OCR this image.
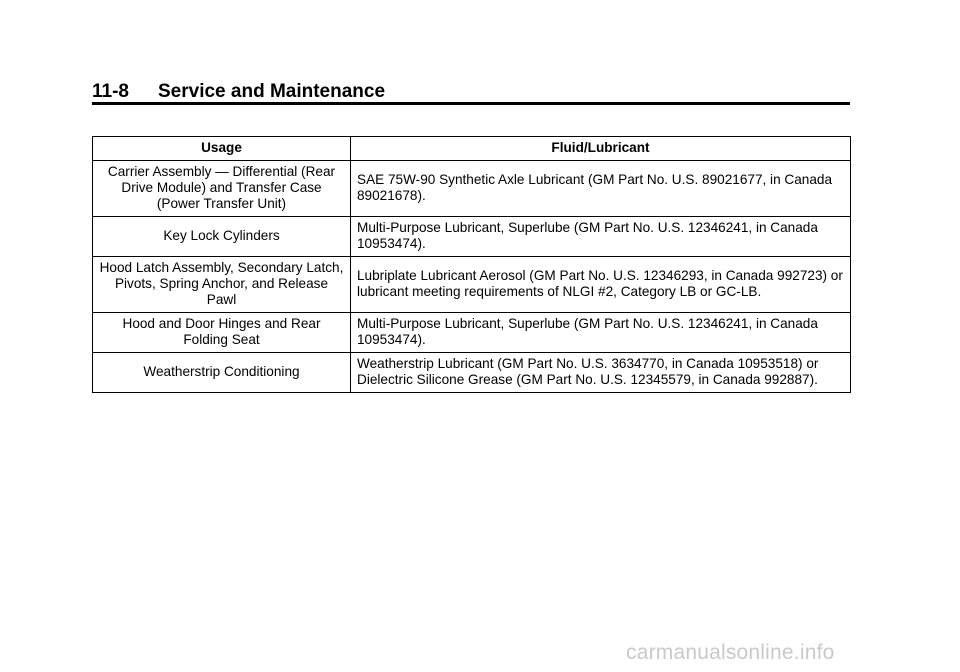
11-8 Service and Maintenance
Usage	Fluid/Lubricant
Carrier Assembly — Differential (Rear Drive Module) and Transfer Case (Power Transfer Unit)	SAE 75W-90 Synthetic Axle Lubricant (GM Part No. U.S. 89021677, in Canada 89021678).
Key Lock Cylinders	Multi-Purpose Lubricant, Superlube (GM Part No. U.S. 12346241, in Canada 10953474).
Hood Latch Assembly, Secondary Latch, Pivots, Spring Anchor, and Release Pawl	Lubriplate Lubricant Aerosol (GM Part No. U.S. 12346293, in Canada 992723) or lubricant meeting requirements of NLGI #2, Category LB or GC-LB.
Hood and Door Hinges and Rear Folding Seat	Multi-Purpose Lubricant, Superlube (GM Part No. U.S. 12346241, in Canada 10953474).
Weatherstrip Conditioning	Weatherstrip Lubricant (GM Part No. U.S. 3634770, in Canada 10953518) or Dielectric Silicone Grease (GM Part No. U.S. 12345579, in Canada 992887).
carmanualsonline.info
